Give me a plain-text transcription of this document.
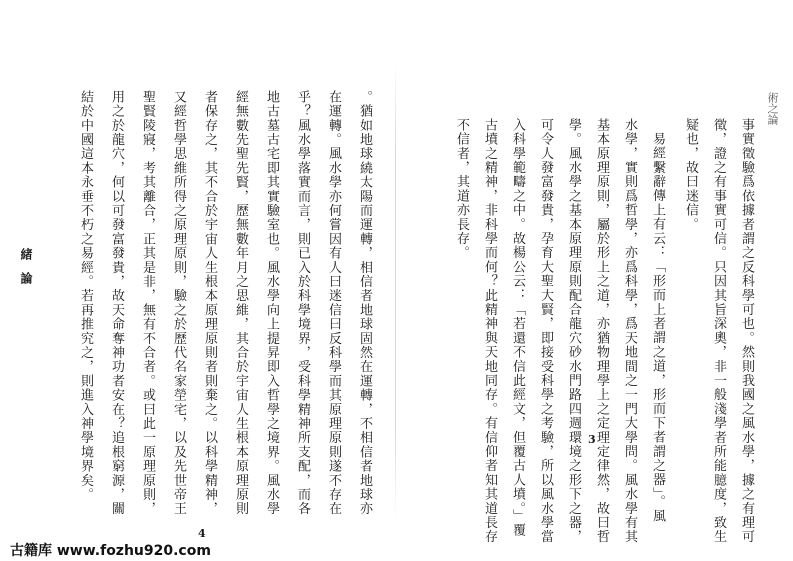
緒論	。猶如地球繞太陽而運轉，相信者地球固然在運轉，不相信者地球亦
在運轉。風水學亦何嘗因有人曰迷信曰反科學而其原理原則遂不存在
乎？風水學落實而言，則已入於科學境界，受科學精神所支配，而各
地古墓古宅即其實驗室也。風水學向上提昇即入哲學之境界。風水學
經無數先聖先賢，歷無數年月之思維，其合於宇宙人生根本原理原則
者保存之，其不合於宇宙人生根本原理原則者則棄之。以科學精神，
又經哲學思維所得之原理原則，驗之於歷代名家塋宅，以及先世帝王
聖賢陵寢，考其離合，正其是非，無有不合者。或曰此一原理原則，
用之於龍穴，何以可發富發貴，故天命奪神功者安在？追根窮源，關
結於中國這本永垂不朽之易經。若再推究之，則進入神學境界矣。
4
術之論
事實徵驗爲依據者謂之反科學可也。然則我國之風水學，據之有理可
徵，證之有事實可信。只因其旨深奧，非一般淺學者所能臆度，致生
疑也，故曰迷信。
易經繫辭傳上有云：「形而上者謂之道，形而下者謂之器」。風
水學，實則爲哲學，亦爲科學，爲天地間之一門大學問。風水學有其
基本原理原則，屬於形上之道，亦猶物理學上之定理定律然，故曰哲
學。風水學之基本原理原則配合龍穴砂水門路四週環境之形下之器，
可令人發富發貴，孕育大聖大賢，即接受科學之考驗，所以風水學當
入科學範疇之中。故楊公云：「若還不信此經文，但覆古人墳。」覆
古墳之精神，非科學而何？此精神與天地同存。有信仰者知其道長存
不信者，其道亦長存。
3
古籍库 www.fozhu920.com
